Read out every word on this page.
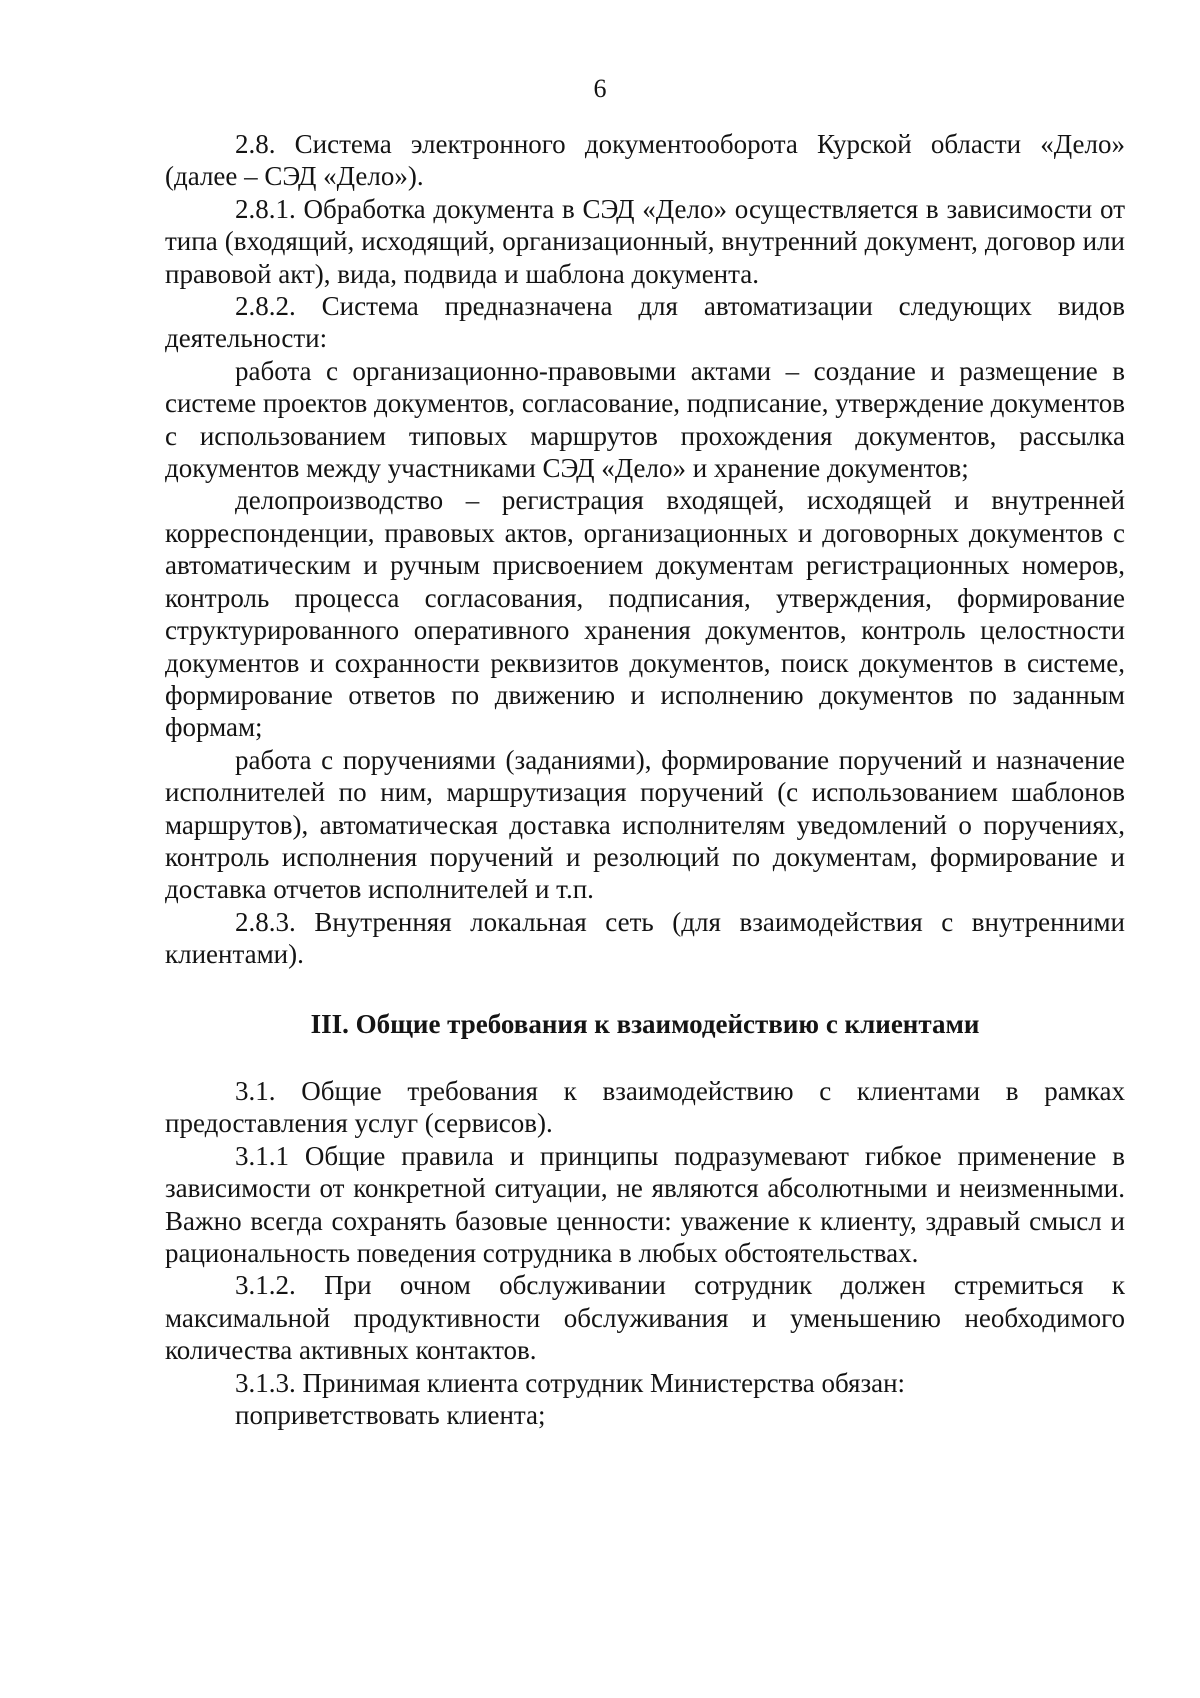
6

2.8. Система электронного документооборота Курской области «Дело» (далее – СЭД «Дело»).

2.8.1. Обработка документа в СЭД «Дело» осуществляется в зависимости от типа (входящий, исходящий, организационный, внутренний документ, договор или правовой акт), вида, подвида и шаблона документа.

2.8.2. Система предназначена для автоматизации следующих видов деятельности:

работа с организационно-правовыми актами – создание и размещение в системе проектов документов, согласование, подписание, утверждение документов с использованием типовых маршрутов прохождения документов, рассылка документов между участниками СЭД «Дело» и хранение документов;

делопроизводство – регистрация входящей, исходящей и внутренней корреспонденции, правовых актов, организационных и договорных документов с автоматическим и ручным присвоением документам регистрационных номеров, контроль процесса согласования, подписания, утверждения, формирование структурированного оперативного хранения документов, контроль целостности документов и сохранности реквизитов документов, поиск документов в системе, формирование ответов по движению и исполнению документов по заданным формам;

работа с поручениями (заданиями), формирование поручений и назначение исполнителей по ним, маршрутизация поручений (с использованием шаблонов маршрутов), автоматическая доставка исполнителям уведомлений о поручениях, контроль исполнения поручений и резолюций по документам, формирование и доставка отчетов исполнителей и т.п.

2.8.3. Внутренняя локальная сеть (для взаимодействия с внутренними клиентами).

III. Общие требования к взаимодействию с клиентами

3.1. Общие требования к взаимодействию с клиентами в рамках предоставления услуг (сервисов).

3.1.1 Общие правила и принципы подразумевают гибкое применение в зависимости от конкретной ситуации, не являются абсолютными и неизменными. Важно всегда сохранять базовые ценности: уважение к клиенту, здравый смысл и рациональность поведения сотрудника в любых обстоятельствах.

3.1.2. При очном обслуживании сотрудник должен стремиться к максимальной продуктивности обслуживания и уменьшению необходимого количества активных контактов.

3.1.3. Принимая клиента сотрудник Министерства обязан:

поприветствовать клиента;
